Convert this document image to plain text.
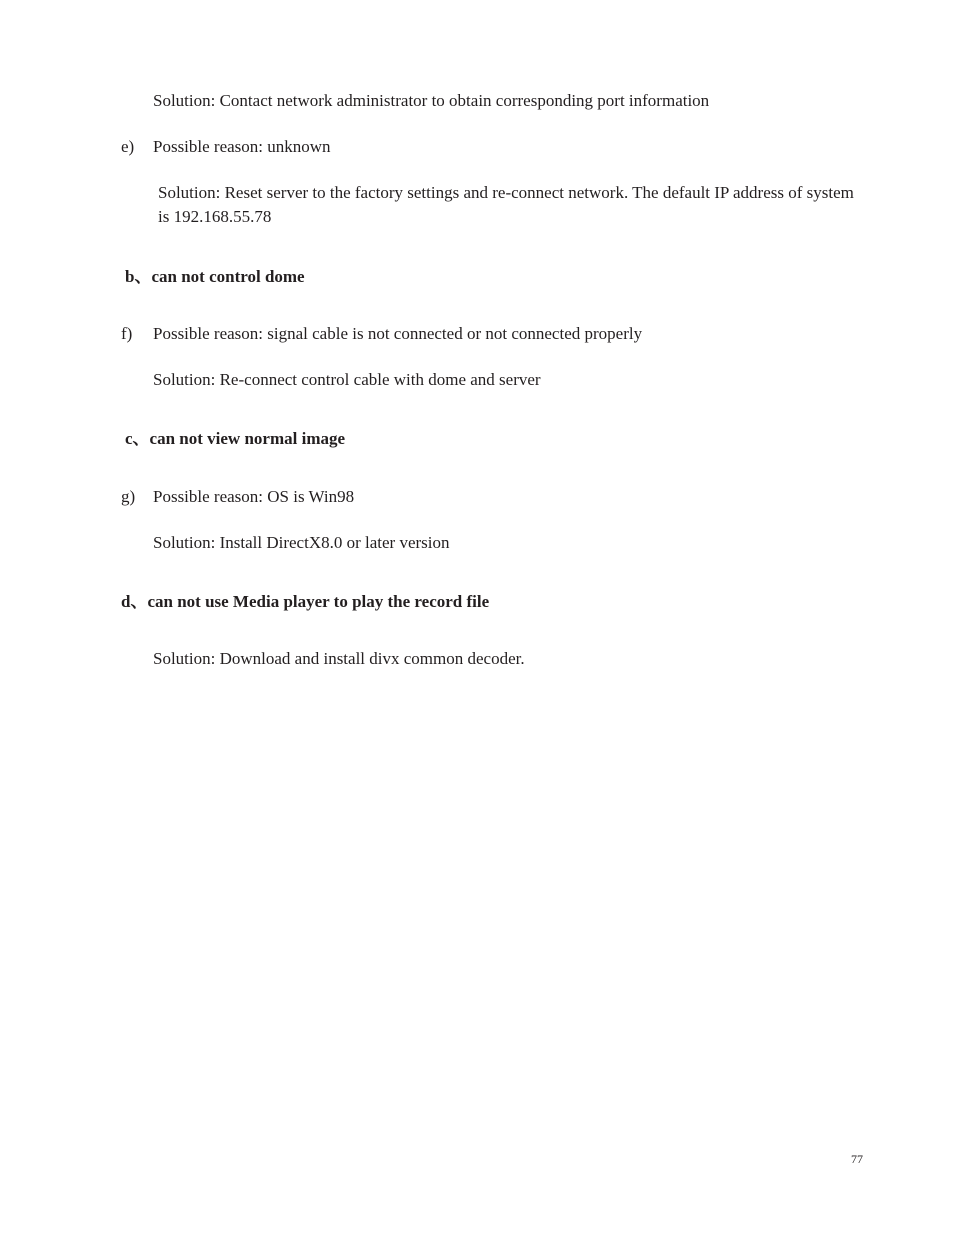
Solution: Contact network administrator to obtain corresponding port information
e) Possible reason: unknown
Solution: Reset server to the factory settings and re-connect network. The default IP address of system is 192.168.55.78
b、can not control dome
f) Possible reason: signal cable is not connected or not connected properly
Solution: Re-connect control cable with dome and server
c、can not view normal image
g) Possible reason: OS is Win98
Solution: Install DirectX8.0 or later version
d、can not use Media player to play the record file
Solution: Download and install divx common decoder.
77
